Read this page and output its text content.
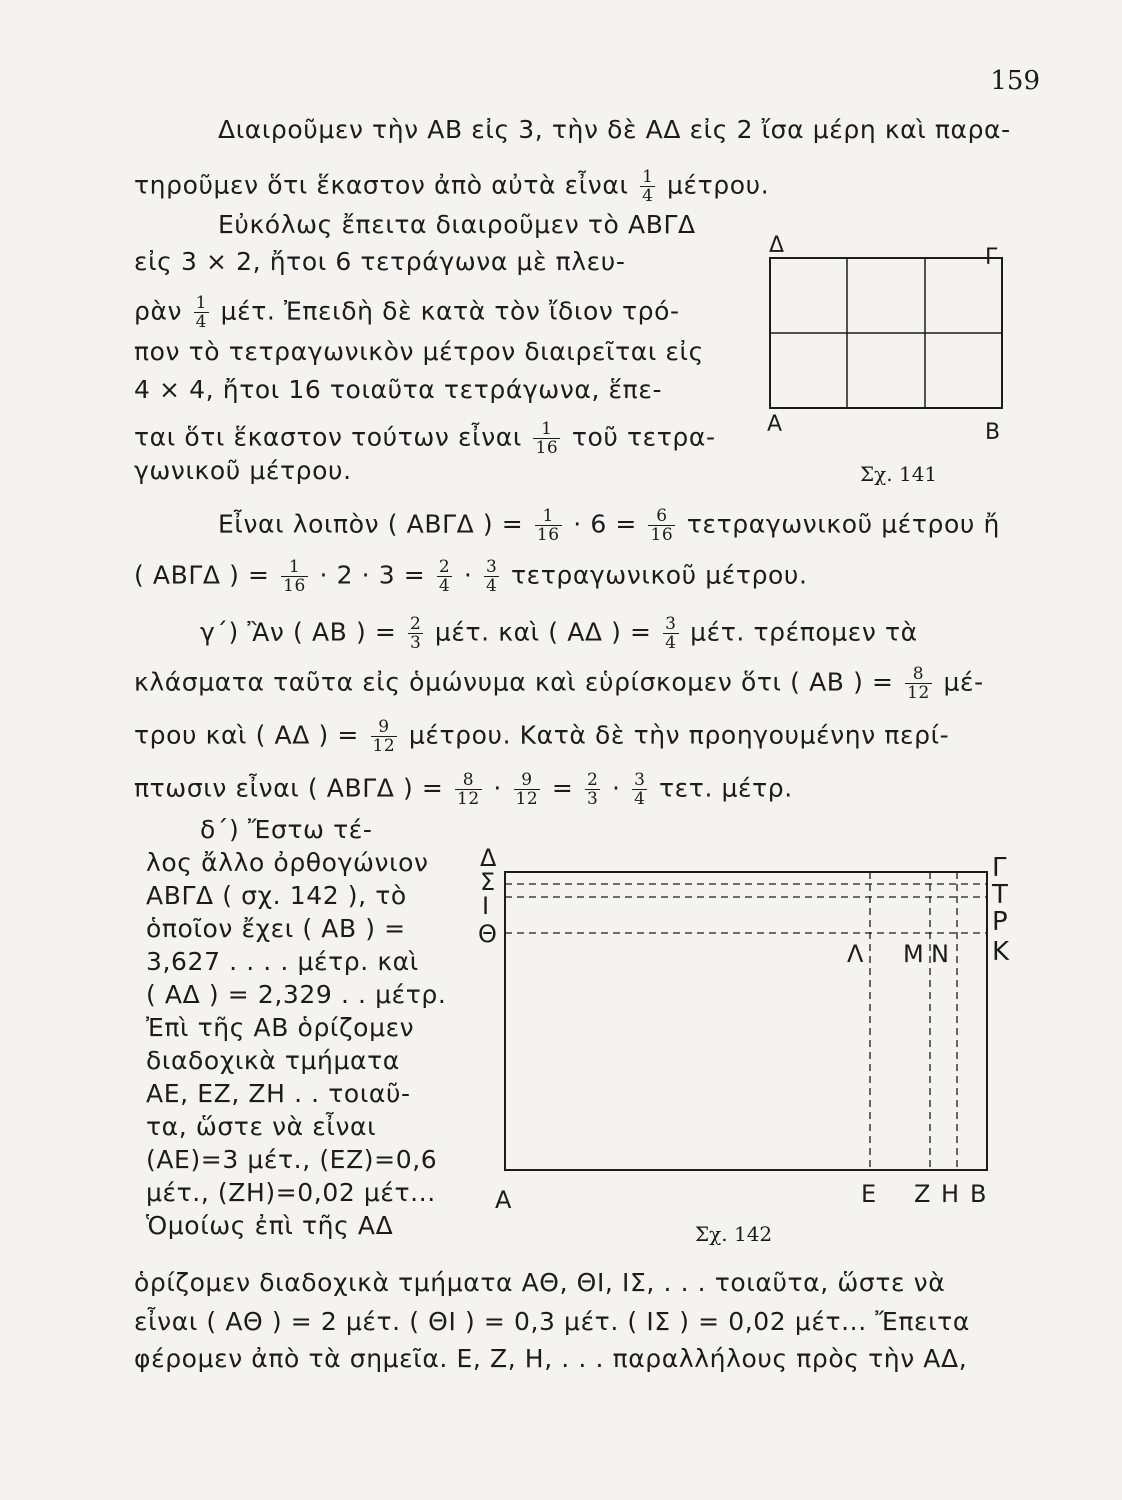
159
Διαιροῦμεν τὴν ΑΒ εἰς 3, τὴν δὲ ΑΔ εἰς 2 ἴσα μέρη καὶ παρα-
τηροῦμεν ὅτι ἕκαστον ἀπὸ αὐτὰ εἶναι $\frac{1}{4} \mu έ\tau\rho o\upsilon$.
Εὐκόλως ἔπειτα διαιροῦμεν τὸ ΑΒΓΔ
εἰς 3 × 2, ἤτοι 6 τετράγωνα μὲ πλευ-
ρὰν $\frac{1}{4} \mu έ\tau$. Ἐπειδὴ δὲ κατὰ τὸν ἴδιον τρό-
πον τὸ τετραγωνικὸν μέτρον διαιρεῖται εἰς
4 × 4, ἤτοι 16 τοιαῦτα τετράγωνα, ἕπε-
ται ὅτι ἕκαστον τούτων εἶναι $\frac{1}{16}$ τοῦ τετρα-
γωνικοῦ μέτρου.
Δ	Γ
Α	Β
Σχ. 141
Εἶναι λοιπὸν ( ΑΒΓΔ ) = $\frac{1}{16} \cdot 6 = \frac{6}{16}$ τετραγωνικοῦ μέτρου ἤ
( ΑΒΓΔ ) = $\frac{1}{16} \cdot 2 \cdot 3 = \frac{2}{4} \cdot \frac{3}{4}$ τετραγωνικοῦ μέτρου.
γ΄) Ἂν ( ΑΒ ) = $\frac{2}{3} \mu έ\tau$. καὶ ( ΑΔ ) = $\frac{3}{4} \mu έ\tau$. τρέπομεν τὰ
κλάσματα ταῦτα εἰς ὁμώνυμα καὶ εὑρίσκομεν ὅτι ( ΑΒ ) = $\frac{8}{12} \mu έ-$
τρου καὶ ( ΑΔ ) = $\frac{9}{12} \mu έ\tau\rho o\upsilon$. Κατὰ δὲ τὴν προηγουμένην περί-
πτωσιν εἶναι ( ΑΒΓΔ ) = $\frac{8}{12} \cdot \frac{9}{12} = \frac{2}{3} \cdot \frac{3}{4} \tau\varepsilon\tau$. μέτρ.
δ΄) Ἔστω τέ-
λος ἄλλο ὀρθογώνιον
ΑΒΓΔ ( σχ. 142 ), τὸ
ὁποῖον ἔχει ( ΑΒ ) =
3,627 . . . . μέτρ. καὶ
( ΑΔ ) = 2,329 . . μέτρ.
Ἐπὶ τῆς ΑΒ ὁρίζομεν
διαδοχικὰ τμήματα
ΑΕ, ΕΖ, ΖΗ . . τοιαῦ-
τα, ὥστε νὰ εἶναι
(ΑΕ)=3 μέτ., (ΕΖ)=0,6
μέτ., (ΖΗ)=0,02 μέτ...
Ὁμοίως ἐπὶ τῆς ΑΔ
Δ
Σ
Ι
Θ
Γ
Τ
Ρ
Κ
Λ Μ Ν
Α	Ε Ζ Η Β
Σχ. 142
ὁρίζομεν διαδοχικὰ τμήματα ΑΘ, ΘΙ, ΙΣ, . . . τοιαῦτα, ὥστε νὰ
εἶναι ( ΑΘ ) = 2 μέτ. ( ΘΙ ) = 0,3 μέτ. ( ΙΣ ) = 0,02 μέτ... Ἔπειτα
φέρομεν ἀπὸ τὰ σημεῖα. Ε, Ζ, Η, . . . παραλλήλους πρὸς τὴν ΑΔ,
